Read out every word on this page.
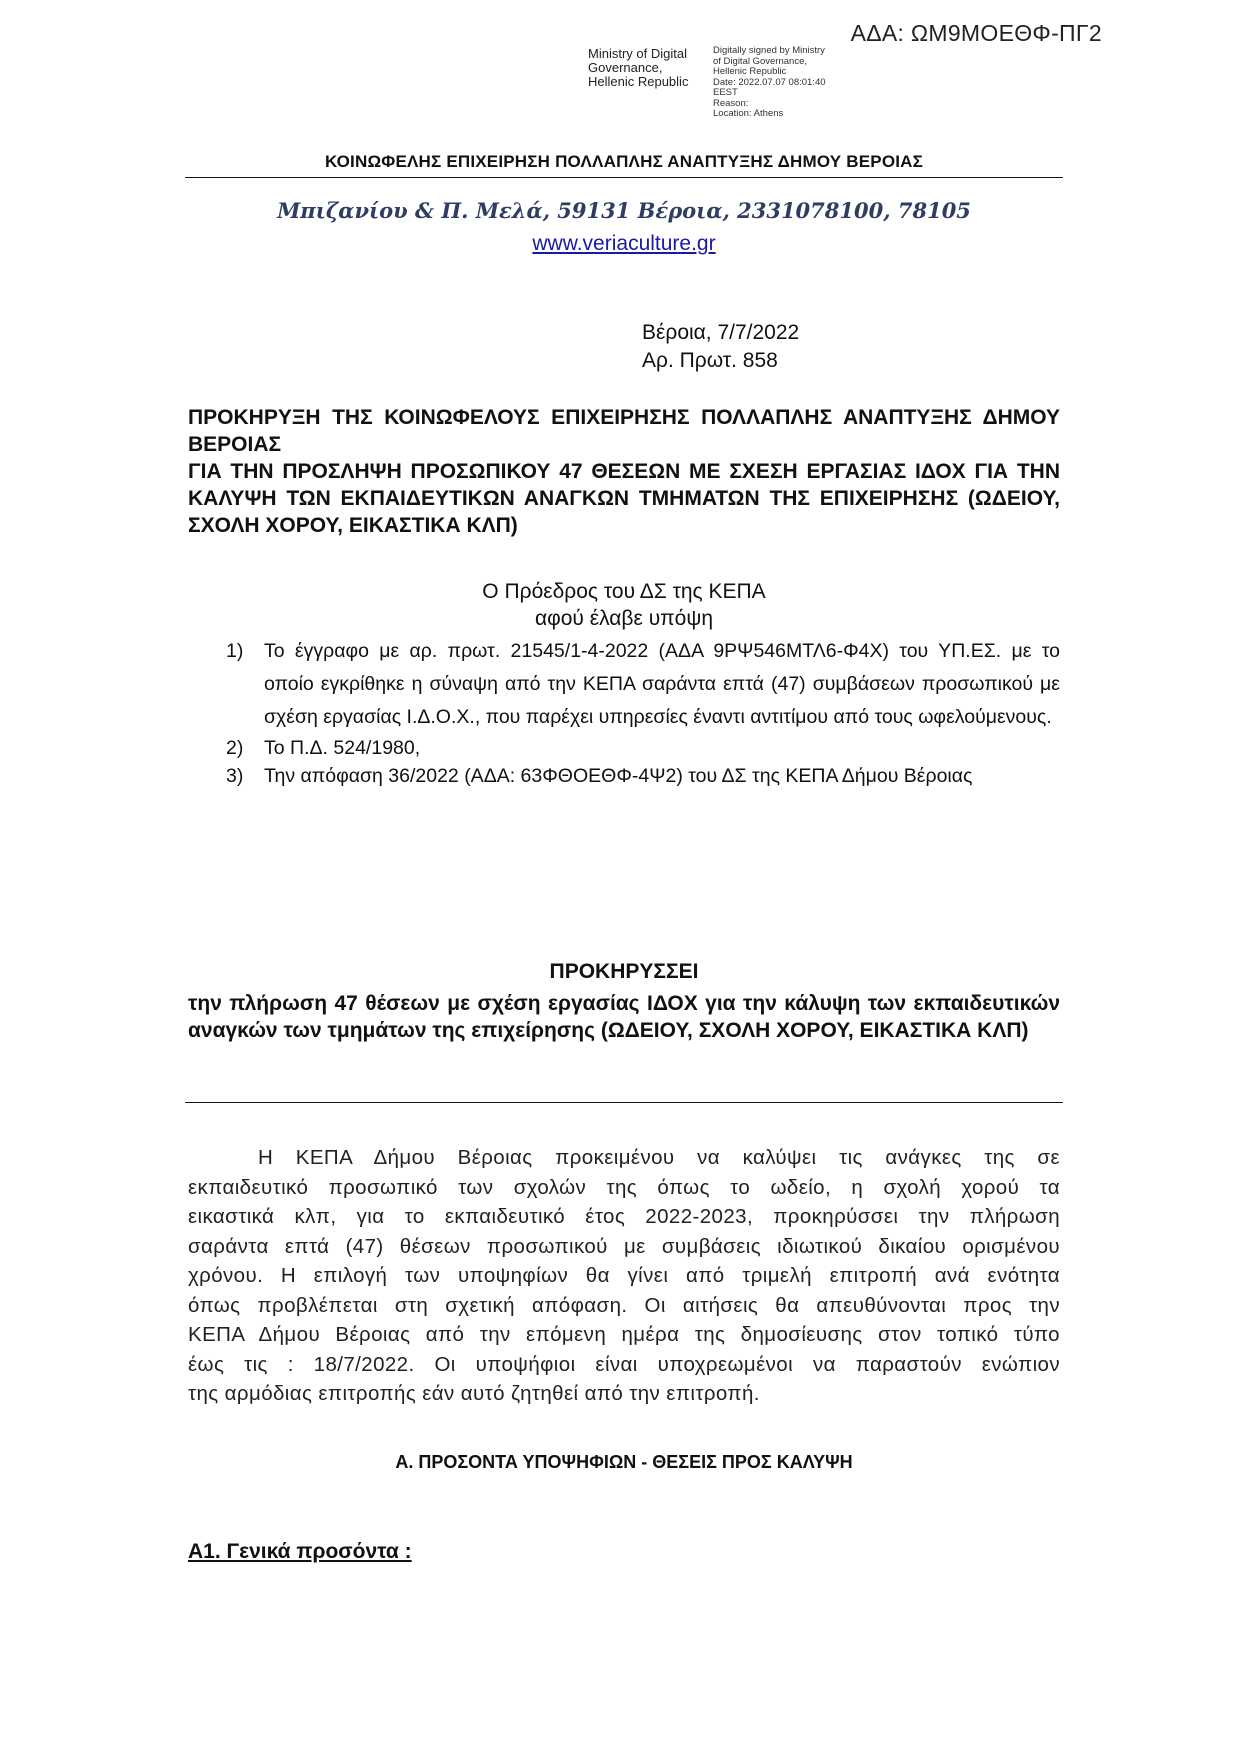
ΑΔΑ: ΩΜ9ΜΟΕΘΦ-ΠΓ2
Ministry of Digital
Governance,
Hellenic Republic
Digitally signed by Ministry
of Digital Governance,
Hellenic Republic
Date: 2022.07.07 08:01:40
EEST
Reason:
Location: Athens
ΚΟΙΝΩΦΕΛΗΣ ΕΠΙΧΕΙΡΗΣΗ ΠΟΛΛΑΠΛΗΣ ΑΝΑΠΤΥΞΗΣ ΔΗΜΟΥ ΒΕΡΟΙΑΣ
Μπιζανίου & Π. Μελά, 59131 Βέροια, 2331078100, 78105
www.veriaculture.gr
Βέροια, 7/7/2022
Αρ. Πρωτ. 858
ΠΡΟΚΗΡΥΞΗ ΤΗΣ ΚΟΙΝΩΦΕΛΟΥΣ ΕΠΙΧΕΙΡΗΣΗΣ ΠΟΛΛΑΠΛΗΣ ΑΝΑΠΤΥΞΗΣ ΔΗΜΟΥ
ΒΕΡΟΙΑΣ
ΓΙΑ ΤΗΝ ΠΡΟΣΛΗΨΗ ΠΡΟΣΩΠΙΚΟΥ 47 ΘΕΣΕΩΝ ΜΕ ΣΧΕΣΗ ΕΡΓΑΣΙΑΣ ΙΔΟΧ ΓΙΑ ΤΗΝ
ΚΑΛΥΨΗ ΤΩΝ ΕΚΠΑΙΔΕΥΤΙΚΩΝ ΑΝΑΓΚΩΝ ΤΜΗΜΑΤΩΝ ΤΗΣ ΕΠΙΧΕΙΡΗΣΗΣ (ΩΔΕΙΟΥ,
ΣΧΟΛΗ ΧΟΡΟΥ, ΕΙΚΑΣΤΙΚΑ ΚΛΠ)
Ο Πρόεδρος του ΔΣ της ΚΕΠΑ
αφού έλαβε υπόψη
1) Το έγγραφο με αρ. πρωτ. 21545/1-4-2022 (ΑΔΑ 9ΡΨ546ΜΤΛ6-Φ4Χ) του ΥΠ.ΕΣ. με το οποίο εγκρίθηκε η σύναψη από την ΚΕΠΑ σαράντα επτά (47) συμβάσεων προσωπικού με σχέση εργασίας Ι.Δ.Ο.Χ., που παρέχει υπηρεσίες έναντι αντιτίμου από τους ωφελούμενους.
2) Το Π.Δ. 524/1980,
3) Την απόφαση 36/2022 (ΑΔΑ: 63ΦΘΟΕΘΦ-4Ψ2) του ΔΣ της ΚΕΠΑ Δήμου Βέροιας
ΠΡΟΚΗΡΥΣΣΕΙ
την πλήρωση 47 θέσεων με σχέση εργασίας ΙΔΟΧ για την κάλυψη των εκπαιδευτικών
αναγκών των τμημάτων της επιχείρησης (ΩΔΕΙΟΥ, ΣΧΟΛΗ ΧΟΡΟΥ, ΕΙΚΑΣΤΙΚΑ ΚΛΠ)
Η ΚΕΠΑ Δήμου Βέροιας προκειμένου να καλύψει τις ανάγκες της σε
εκπαιδευτικό προσωπικό των σχολών της όπως το ωδείο, η σχολή χορού τα
εικαστικά κλπ, για το εκπαιδευτικό έτος 2022-2023, προκηρύσσει την πλήρωση
σαράντα επτά (47) θέσεων προσωπικού με συμβάσεις ιδιωτικού δικαίου ορισμένου
χρόνου. Η επιλογή των υποψηφίων θα γίνει από τριμελή επιτροπή ανά ενότητα
όπως προβλέπεται στη σχετική απόφαση. Οι αιτήσεις θα απευθύνονται προς την
ΚΕΠΑ Δήμου Βέροιας από την επόμενη ημέρα της δημοσίευσης στον τοπικό τύπο
έως τις : 18/7/2022. Οι υποψήφιοι είναι υποχρεωμένοι να παραστούν ενώπιον
της αρμόδιας επιτροπής εάν αυτό ζητηθεί από την επιτροπή.
Α. ΠΡΟΣΟΝΤΑ ΥΠΟΨΗΦΙΩΝ - ΘΕΣΕΙΣ ΠΡΟΣ ΚΑΛΥΨΗ
Α1. Γενικά προσόντα :
